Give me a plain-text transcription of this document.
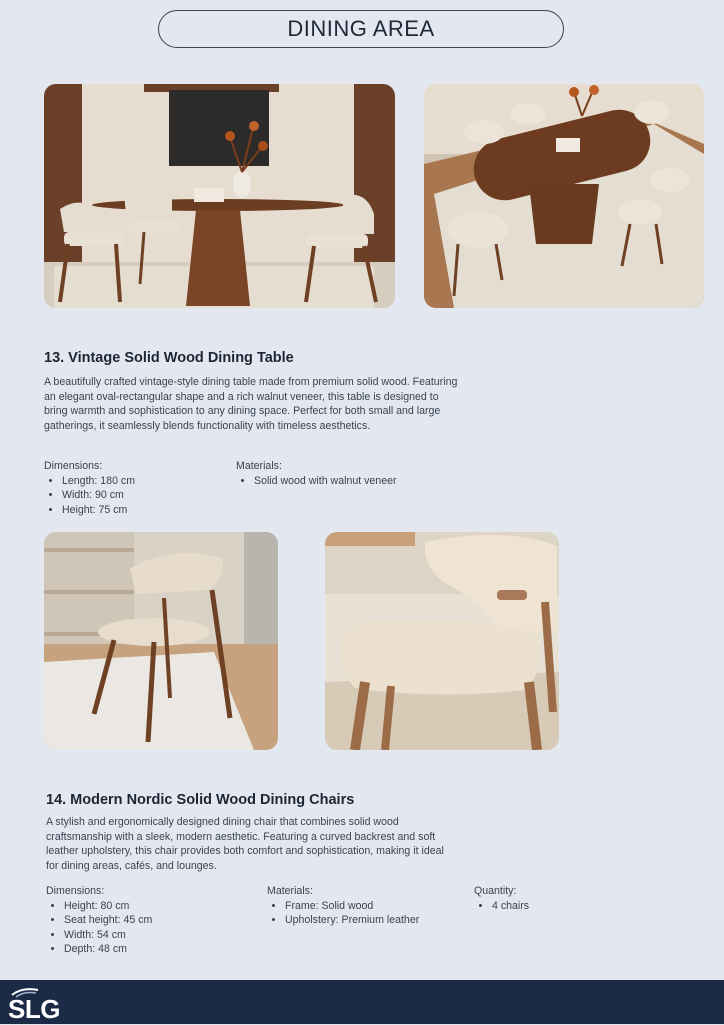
DINING AREA
13. Vintage Solid Wood Dining Table

A beautifully crafted vintage-style dining table made from premium solid wood. Featuring an elegant oval-rectangular shape and a rich walnut veneer, this table is designed to bring warmth and sophistication to any dining space. Perfect for both small and large gatherings, it seamlessly blends functionality with timeless aesthetics.

Dimensions:
• Length: 180 cm
• Width: 90 cm
• Height: 75 cm
Materials:
• Solid wood with walnut veneer
14. Modern Nordic Solid Wood Dining Chairs

A stylish and ergonomically designed dining chair that combines solid wood craftsmanship with a sleek, modern aesthetic. Featuring a curved backrest and soft leather upholstery, this chair provides both comfort and sophistication, making it ideal for dining areas, cafés, and lounges.

Dimensions:
• Height: 80 cm
• Seat height: 45 cm
• Width: 54 cm
• Depth: 48 cm
Materials:
• Frame: Solid wood
• Upholstery: Premium leather
Quantity:
• 4 chairs
SLG
